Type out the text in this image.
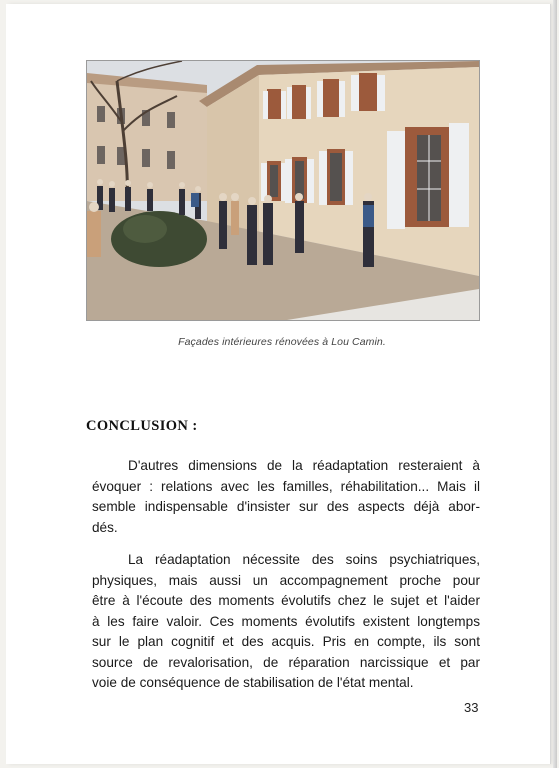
Façades intérieures rénovées à Lou Camin.
CONCLUSION :
D'autres dimensions de la réadaptation resteraient à
évoquer : relations avec les familles, réhabilitation... Mais il
semble indispensable d'insister sur des aspects déjà abor-
dés.
La réadaptation nécessite des soins psychiatriques,
physiques, mais aussi un accompagnement proche pour
être à l'écoute des moments évolutifs chez le sujet et l'aider
à les faire valoir. Ces moments évolutifs existent longtemps
sur le plan cognitif et des acquis. Pris en compte, ils sont
source de revalorisation, de réparation narcissique et par
voie de conséquence de stabilisation de l'état mental.
33
